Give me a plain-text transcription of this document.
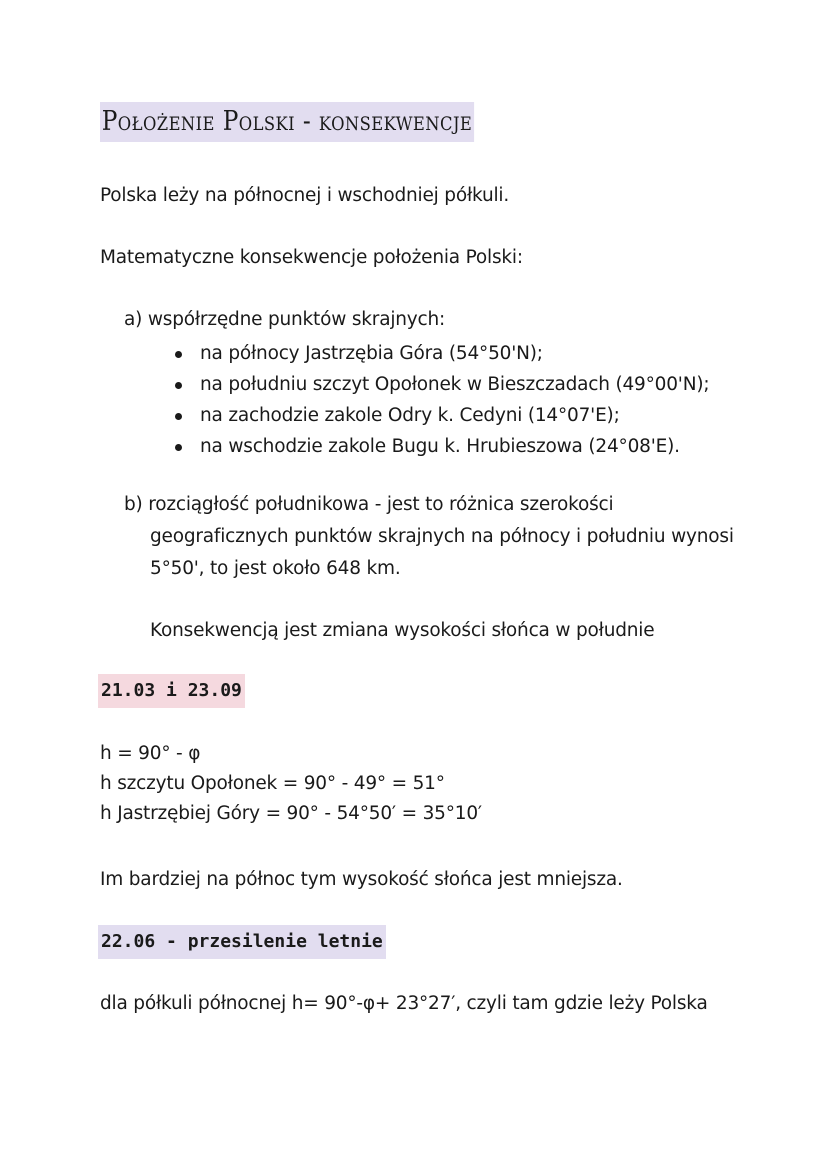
Położenie Polski - konsekwencje
Polska leży na północnej i wschodniej półkuli.
Matematyczne konsekwencje położenia Polski:
a) współrzędne punktów skrajnych:
na północy Jastrzębia Góra (54°50'N);
na południu szczyt Opołonek w Bieszczadach (49°00'N);
na zachodzie zakole Odry k. Cedyni (14°07'E);
na wschodzie zakole Bugu k. Hrubieszowa (24°08'E).
b) rozciągłość południkowa - jest to różnica szerokości
geograficznych punktów skrajnych na północy i południu wynosi
5°50', to jest około 648 km.
Konsekwencją jest zmiana wysokości słońca w południe
21.03 i 23.09
h = 90° - φ
h szczytu Opołonek = 90° - 49° = 51°
h Jastrzębiej Góry = 90° - 54°50′ = 35°10′
Im bardziej na północ tym wysokość słońca jest mniejsza.
22.06 - przesilenie letnie
dla półkuli północnej h= 90°-φ+ 23°27′, czyli tam gdzie leży Polska
